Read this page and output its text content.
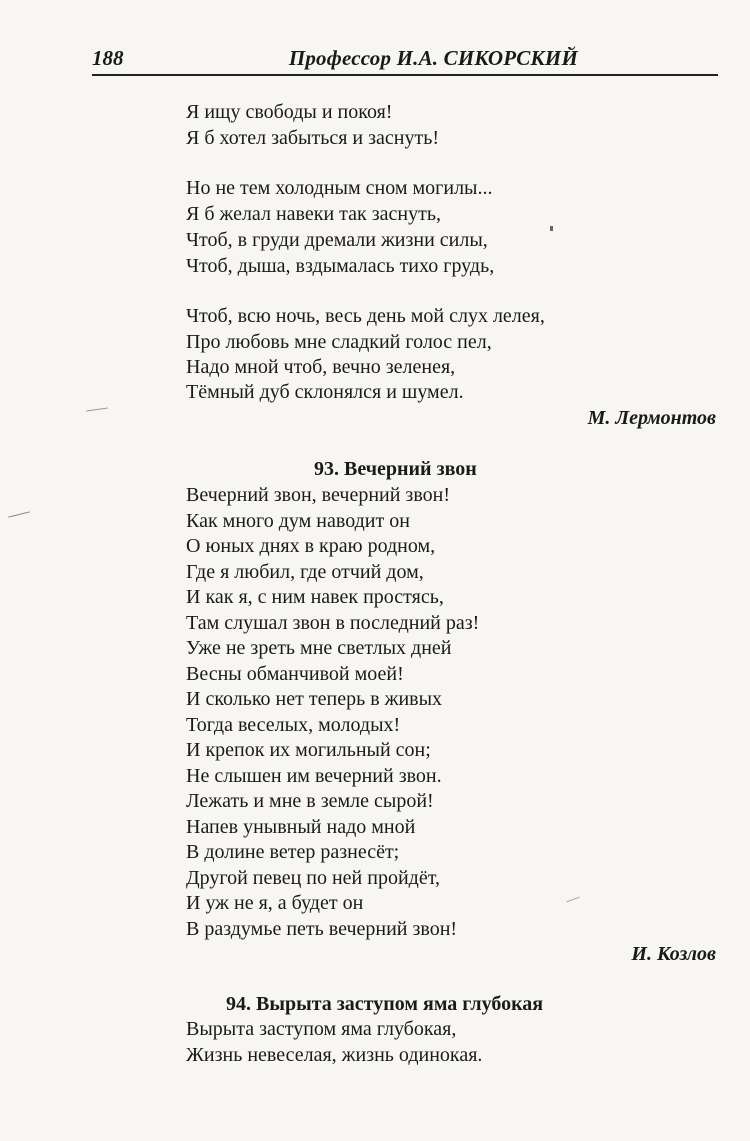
188	Профессор И.А. СИКОРСКИЙ
Я ищу свободы и покоя!
Я б хотел забыться и заснуть!
Но не тем холодным сном могилы...
Я б желал навеки так заснуть,
Чтоб, в груди дремали жизни силы,
Чтоб, дыша, вздымалась тихо грудь,
Чтоб, всю ночь, весь день мой слух лелея,
Про любовь мне сладкий голос пел,
Надо мной чтоб, вечно зеленея,
Тёмный дуб склонялся и шумел.
М. Лермонтов
93. Вечерний звон
Вечерний звон, вечерний звон!
Как много дум наводит он
О юных днях в краю родном,
Где я любил, где отчий дом,
И как я, с ним навек простясь,
Там слушал звон в последний раз!
Уже не зреть мне светлых дней
Весны обманчивой моей!
И сколько нет теперь в живых
Тогда веселых, молодых!
И крепок их могильный сон;
Не слышен им вечерний звон.
Лежать и мне в земле сырой!
Напев унывный надо мной
В долине ветер разнесёт;
Другой певец по ней пройдёт,
И уж не я, а будет он
В раздумье петь вечерний звон!
И. Козлов
94. Вырыта заступом яма глубокая
Вырыта заступом яма глубокая,
Жизнь невеселая, жизнь одинокая.
